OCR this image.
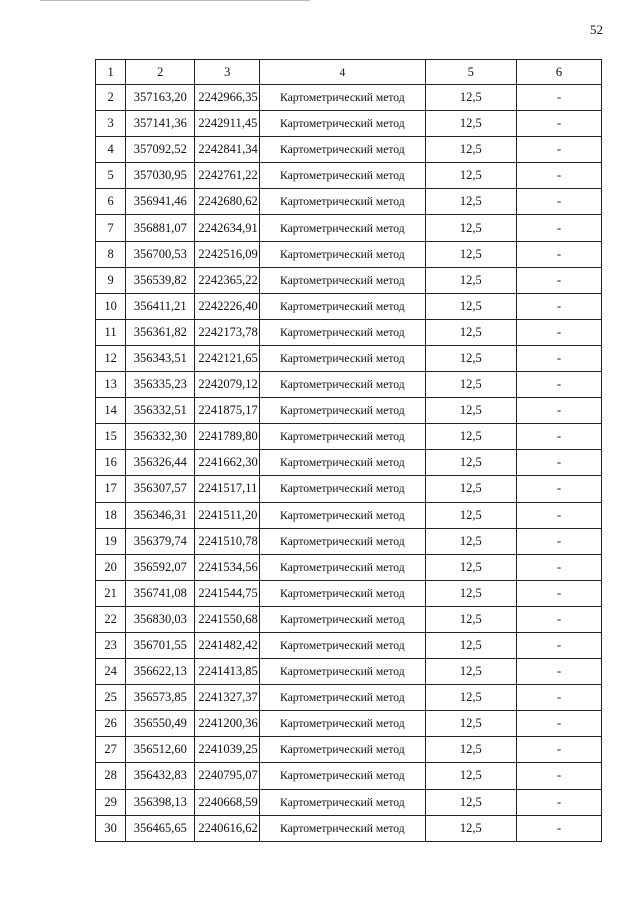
52
1	2	3	4	5	6
2	357163,20	2242966,35	Картометрический метод	12,5	-
3	357141,36	2242911,45	Картометрический метод	12,5	-
4	357092,52	2242841,34	Картометрический метод	12,5	-
5	357030,95	2242761,22	Картометрический метод	12,5	-
6	356941,46	2242680,62	Картометрический метод	12,5	-
7	356881,07	2242634,91	Картометрический метод	12,5	-
8	356700,53	2242516,09	Картометрический метод	12,5	-
9	356539,82	2242365,22	Картометрический метод	12,5	-
10	356411,21	2242226,40	Картометрический метод	12,5	-
11	356361,82	2242173,78	Картометрический метод	12,5	-
12	356343,51	2242121,65	Картометрический метод	12,5	-
13	356335,23	2242079,12	Картометрический метод	12,5	-
14	356332,51	2241875,17	Картометрический метод	12,5	-
15	356332,30	2241789,80	Картометрический метод	12,5	-
16	356326,44	2241662,30	Картометрический метод	12,5	-
17	356307,57	2241517,11	Картометрический метод	12,5	-
18	356346,31	2241511,20	Картометрический метод	12,5	-
19	356379,74	2241510,78	Картометрический метод	12,5	-
20	356592,07	2241534,56	Картометрический метод	12,5	-
21	356741,08	2241544,75	Картометрический метод	12,5	-
22	356830,03	2241550,68	Картометрический метод	12,5	-
23	356701,55	2241482,42	Картометрический метод	12,5	-
24	356622,13	2241413,85	Картометрический метод	12,5	-
25	356573,85	2241327,37	Картометрический метод	12,5	-
26	356550,49	2241200,36	Картометрический метод	12,5	-
27	356512,60	2241039,25	Картометрический метод	12,5	-
28	356432,83	2240795,07	Картометрический метод	12,5	-
29	356398,13	2240668,59	Картометрический метод	12,5	-
30	356465,65	2240616,62	Картометрический метод	12,5	-
